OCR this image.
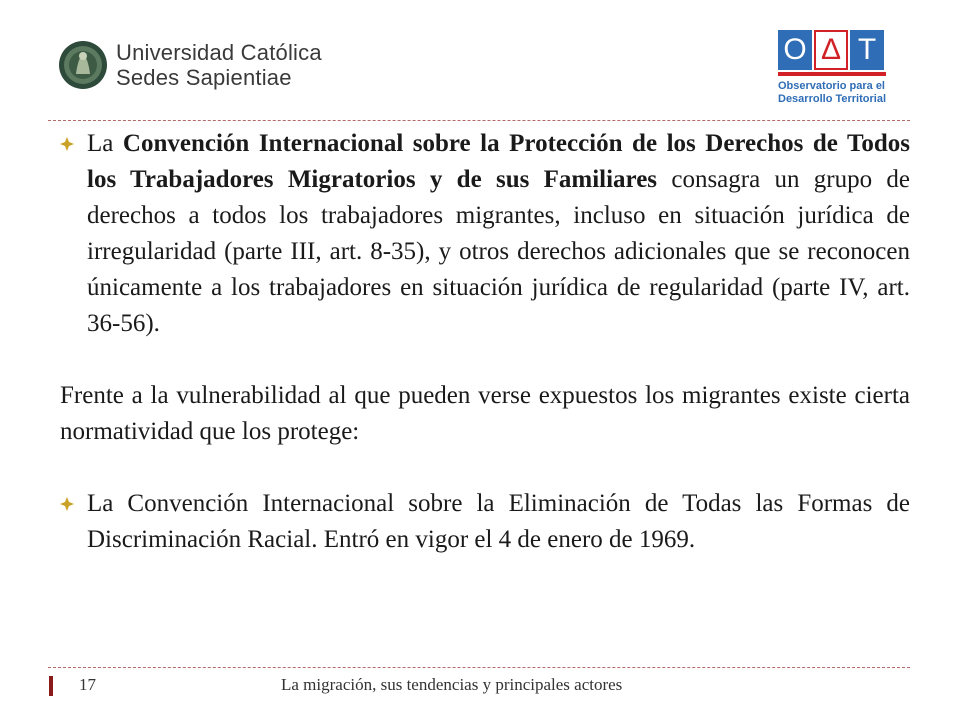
Universidad Católica
Sedes Sapientiae
O Δ T
Observatorio para el
Desarrollo Territorial
La Convención Internacional sobre la Protección de los Derechos de Todos los Trabajadores Migratorios y de sus Familiares consagra un grupo de derechos a todos los trabajadores migrantes, incluso en situación jurídica de irregularidad (parte III, art. 8-35), y otros derechos adicionales que se reconocen únicamente a los trabajadores en situación jurídica de regularidad (parte IV, art. 36-56).
Frente a la vulnerabilidad al que pueden verse expuestos los migrantes existe cierta normatividad que los protege:
La Convención Internacional sobre la Eliminación de Todas las Formas de Discriminación Racial. Entró en vigor el 4 de enero de 1969.
17	La migración, sus tendencias y principales actores
